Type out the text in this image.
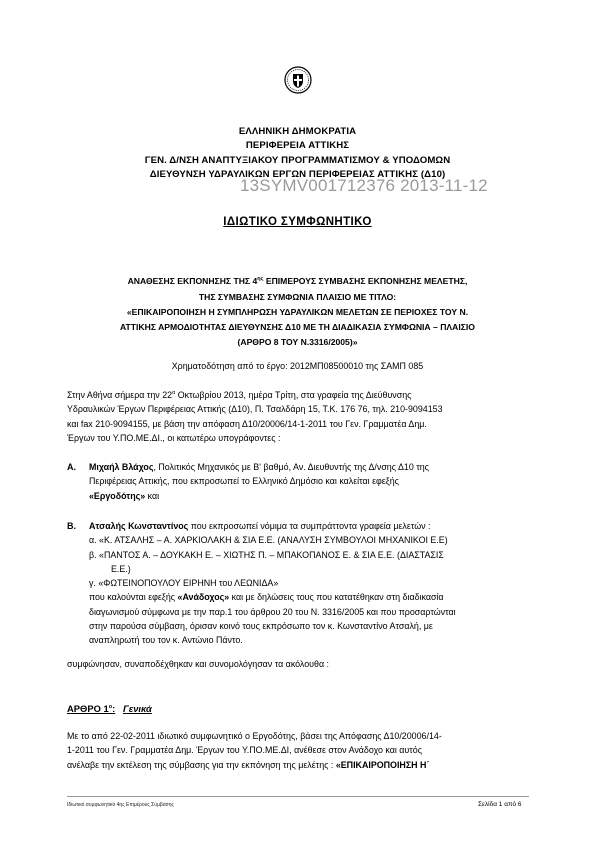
ΕΛΛΗΝΙΚΗ ΔΗΜΟΚΡΑΤΙΑ
ΠΕΡΙΦΕΡΕΙΑ ΑΤΤΙΚΗΣ
ΓΕΝ. Δ/ΝΣΗ ΑΝΑΠΤΥΞΙΑΚΟΥ ΠΡΟΓΡΑΜΜΑΤΙΣΜΟΥ & ΥΠΟΔΟΜΩΝ
ΔΙΕΥΘΥΝΣΗ ΥΔΡΑΥΛΙΚΩΝ ΕΡΓΩΝ ΠΕΡΙΦΕΡΕΙΑΣ ΑΤΤΙΚΗΣ (Δ10)
13SYMV001712376 2013-11-12
ΙΔΙΩΤΙΚΟ ΣΥΜΦΩΝΗΤΙΚΟ
ΑΝΑΘΕΣΗΣ ΕΚΠΟΝΗΣΗΣ ΤΗΣ $4^{\eta\varsigma}$ ΕΠΙΜΕΡΟΥΣ ΣΥΜΒΑΣΗΣ ΕΚΠΟΝΗΣΗΣ ΜΕΛΕΤΗΣ,
ΤΗΣ ΣΥΜΒΑΣΗΣ ΣΥΜΦΩΝΙΑ ΠΛΑΙΣΙΟ ΜΕ ΤΙΤΛΟ:
«ΕΠΙΚΑΙΡΟΠΟΙΗΣΗ Η ΣΥΜΠΛΗΡΩΣΗ ΥΔΡΑΥΛΙΚΩΝ ΜΕΛΕΤΩΝ ΣΕ ΠΕΡΙΟΧΕΣ ΤΟΥ Ν.
ΑΤΤΙΚΗΣ ΑΡΜΟΔΙΟΤΗΤΑΣ ΔΙΕΥΘΥΝΣΗΣ Δ10 ΜΕ ΤΗ ΔΙΑΔΙΚΑΣΙΑ ΣΥΜΦΩΝΙΑ – ΠΛΑΙΣΙΟ
(ΑΡΘΡΟ 8 ΤΟΥ Ν.3316/2005)»
Χρηματοδότηση από το έργο: 2012ΜΠ08500010 της ΣΑΜΠ 085
Στην Αθήνα σήμερα την $22^\alpha$ Οκτωβρίου 2013, ημέρα Τρίτη, στα γραφεία της Διεύθυνσης
Υδραυλικών Έργων Περιφέρειας Αττικής (Δ10), Π. Τσαλδάρη 15, Τ.Κ. 176 76, τηλ. 210-9094153
και fax 210-9094155, με βάση την απόφαση Δ10/20006/14-1-2011 του Γεν. Γραμματέα Δημ.
Έργων του Υ.ΠΟ.ΜΕ.ΔΙ., οι κατωτέρω υπογράφοντες :
Α. Μιχαήλ Βλάχος, Πολιτικός Μηχανικός με Β' βαθμό, Αν. Διευθυντής της Δ/νσης Δ10 της
Περιφέρειας Αττικής, που εκπροσωπεί το Ελληνικό Δημόσιο και καλείται εφεξής
«Εργοδότης» και
Β. Ατσαλής Κωνσταντίνος που εκπροσωπεί νόμιμα τα συμπράττοντα γραφεία μελετών :
α. «Κ. ΑΤΣΑΛΗΣ – Α. ΧΑΡΚΙΟΛΑΚΗ & ΣΙΑ Ε.Ε. (ΑΝΑΛΥΣΗ ΣΥΜΒΟΥΛΟΙ ΜΗΧΑΝΙΚΟΙ Ε.Ε)
β. «ΠΑΝΤΟΣ Α. – ΔΟΥΚΑΚΗ Ε. – ΧΙΩΤΗΣ Π. – ΜΠΑΚΟΠΑΝΟΣ Ε. & ΣΙΑ Ε.Ε. (ΔΙΑΣΤΑΣΙΣ
Ε.Ε.)
γ. «ΦΩΤΕΙΝΟΠΟΥΛΟΥ ΕΙΡΗΝΗ του ΛΕΩΝΙΔΑ»
που καλούνται εφεξής «Ανάδοχος» και με δηλώσεις τους που κατατέθηκαν στη διαδικασία
διαγωνισμού σύμφωνα με την παρ.1 του άρθρου 20 του Ν. 3316/2005 και που προσαρτώνται
στην παρούσα σύμβαση, όρισαν κοινό τους εκπρόσωπο τον κ. Κωνσταντίνο Ατσαλή, με
αναπληρωτή του τον κ. Αντώνιο Πάντο.
συμφώνησαν, συναποδέχθηκαν και συνομολόγησαν τα ακόλουθα :
ΑΡΘΡΟ $1^o$: Γενικά
Με το από 22-02-2011 ιδιωτικό συμφωνητικό ο Εργοδότης, βάσει της Απόφασης Δ10/20006/14-
1-2011 του Γεν. Γραμματέα Δημ. Έργων του Υ.ΠΟ.ΜΕ.ΔΙ, ανέθεσε στον Ανάδοχο και αυτός
ανέλαβε την εκτέλεση της σύμβασης για την εκπόνηση της μελέτης : «ΕΠΙΚΑΙΡΟΠΟΙΗΣΗ Η΄
Ιδιωτικό συμφωνητικό 4ης Επιμέρους Σύμβασης	Σελίδα 1 από 6
